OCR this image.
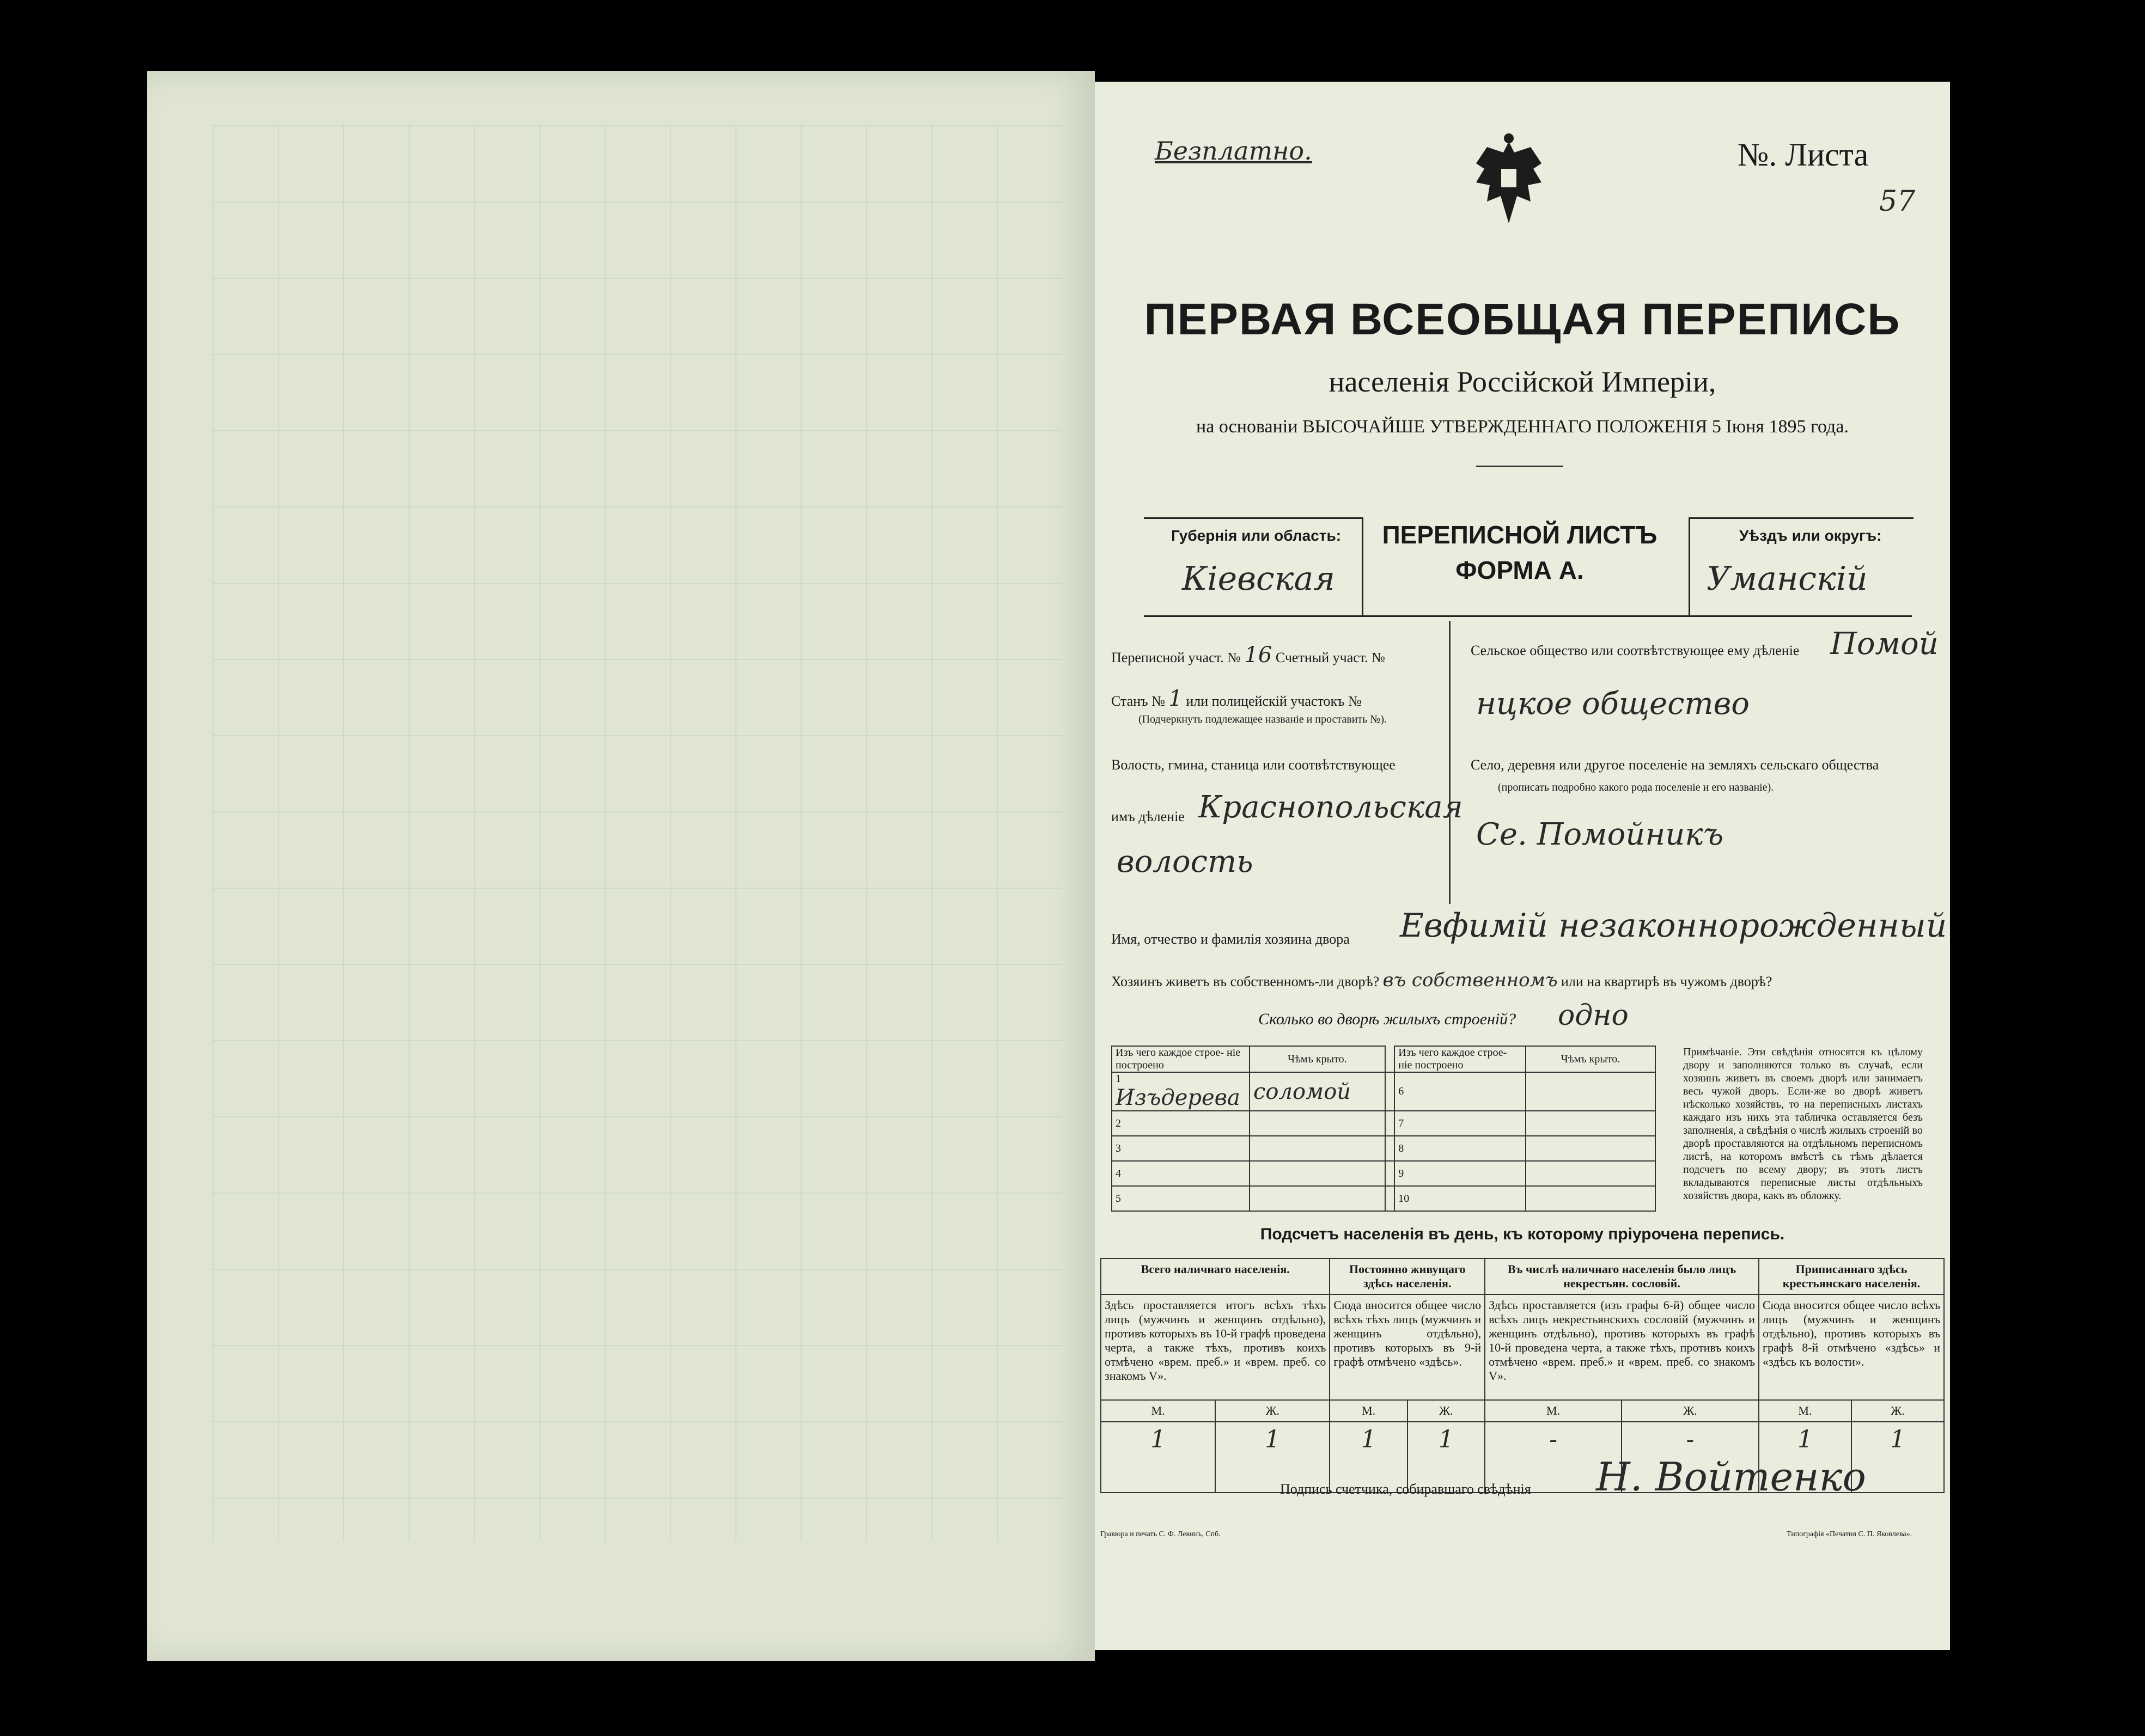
Безплатно.	№. Листа
57
ПЕРВАЯ ВСЕОБЩАЯ ПЕРЕПИСЬ
населенія Россійской Имперіи,
на основаніи ВЫСОЧАЙШЕ УТВЕРЖДЕННАГО ПОЛОЖЕНІЯ 5 Іюня 1895 года.
Губернія или область:
Кіевская
ПЕРЕПИСНОЙ ЛИСТЪ
ФОРМА А.
Уѣздъ или округъ:
Уманскій
Переписной участ. № 16 Счетный участ. №
Станъ № 1 или полицейскій участокъ №
(Подчеркнуть подлежащее названіе и проставить №).
Волость, гмина, станица или соотвѣтствующее
имъ дѣленіе Краснопольская
волость
Сельское общество или соотвѣтствующее ему дѣленіе Помой
нцкое общество
Село, деревня или другое поселеніе на земляхъ сельскаго общества
(прописать подробно какого рода поселеніе и его названіе).
Се. Помойникъ
Имя, отчество и фамилія хозяина двора Евфимій незаконнорожденный
Хозяинъ живетъ въ собственномъ-ли дворѣ? въ собственномъ или на квартирѣ въ чужомъ дворѣ?
Сколько во дворѣ жилыхъ строеній? одно
Изъ чего каждое строе- ніе построено	Чѣмъ крыто.		Изъ чего каждое строе- ніе построено	Чѣмъ крыто.
1 Изъдерева	соломой		6	
2			7	
3			8	
4			9	
5			10	
Примѣчаніе. Эти свѣдѣнія относятся къ цѣлому двору и заполняются только въ случаѣ, если хозяинъ живетъ въ своемъ дворѣ или занимаетъ весь чужой дворъ. Если-же во дворѣ живетъ нѣсколько хозяйствъ, то на переписныхъ листахъ каждаго изъ нихъ эта табличка оставляется безъ заполненія, а свѣдѣнія о числѣ жилыхъ строеній во дворѣ проставляются на отдѣльномъ переписномъ листѣ, на которомъ вмѣстѣ съ тѣмъ дѣлается подсчетъ по всему двору; въ этотъ листъ вкладываются переписные листы отдѣльныхъ хозяйствъ двора, какъ въ обложку.
Подсчетъ населенія въ день, къ которому пріурочена перепись.
Всего наличнаго населенія.		Постоянно живущаго здѣсь населенія.		Въ числѣ наличнаго населенія было лицъ некрестьян. сословій.		Приписаннаго здѣсь крестьянскаго населенія.	
Здѣсь проставляется итогъ всѣхъ тѣхъ лицъ (мужчинъ и женщинъ отдѣльно), противъ которыхъ въ 10-й графѣ проведена черта, а также тѣхъ, противъ коихъ отмѣчено «врем. преб.» и «врем. преб. со знакомъ V».		Сюда вносится общее число всѣхъ тѣхъ лицъ (мужчинъ и женщинъ отдѣльно), противъ которыхъ въ 9-й графѣ отмѣчено «здѣсь».		Здѣсь проставляется (изъ графы 6-й) общее число всѣхъ лицъ некрестьянскихъ сословій (мужчинъ и женщинъ отдѣльно), противъ которыхъ въ графѣ 10-й проведена черта, а также тѣхъ, противъ коихъ отмѣчено «врем. преб.» и «врем. преб. со знакомъ V».		Сюда вносится общее число всѣхъ лицъ (мужчинъ и женщинъ отдѣльно), противъ которыхъ въ графѣ 8-й отмѣчено «здѣсь» и «здѣсь къ волости».	
М.	Ж.	М.	Ж.	М.	Ж.	М.	Ж.
1	1	1	1	-	-	1	1
Подпись счетчика, собиравшаго свѣдѣнія Н. Войтенко
Гравюра и печать С. Ф. Левинъ, Спб.	Типографія «Печатня С. П. Яковлева».
